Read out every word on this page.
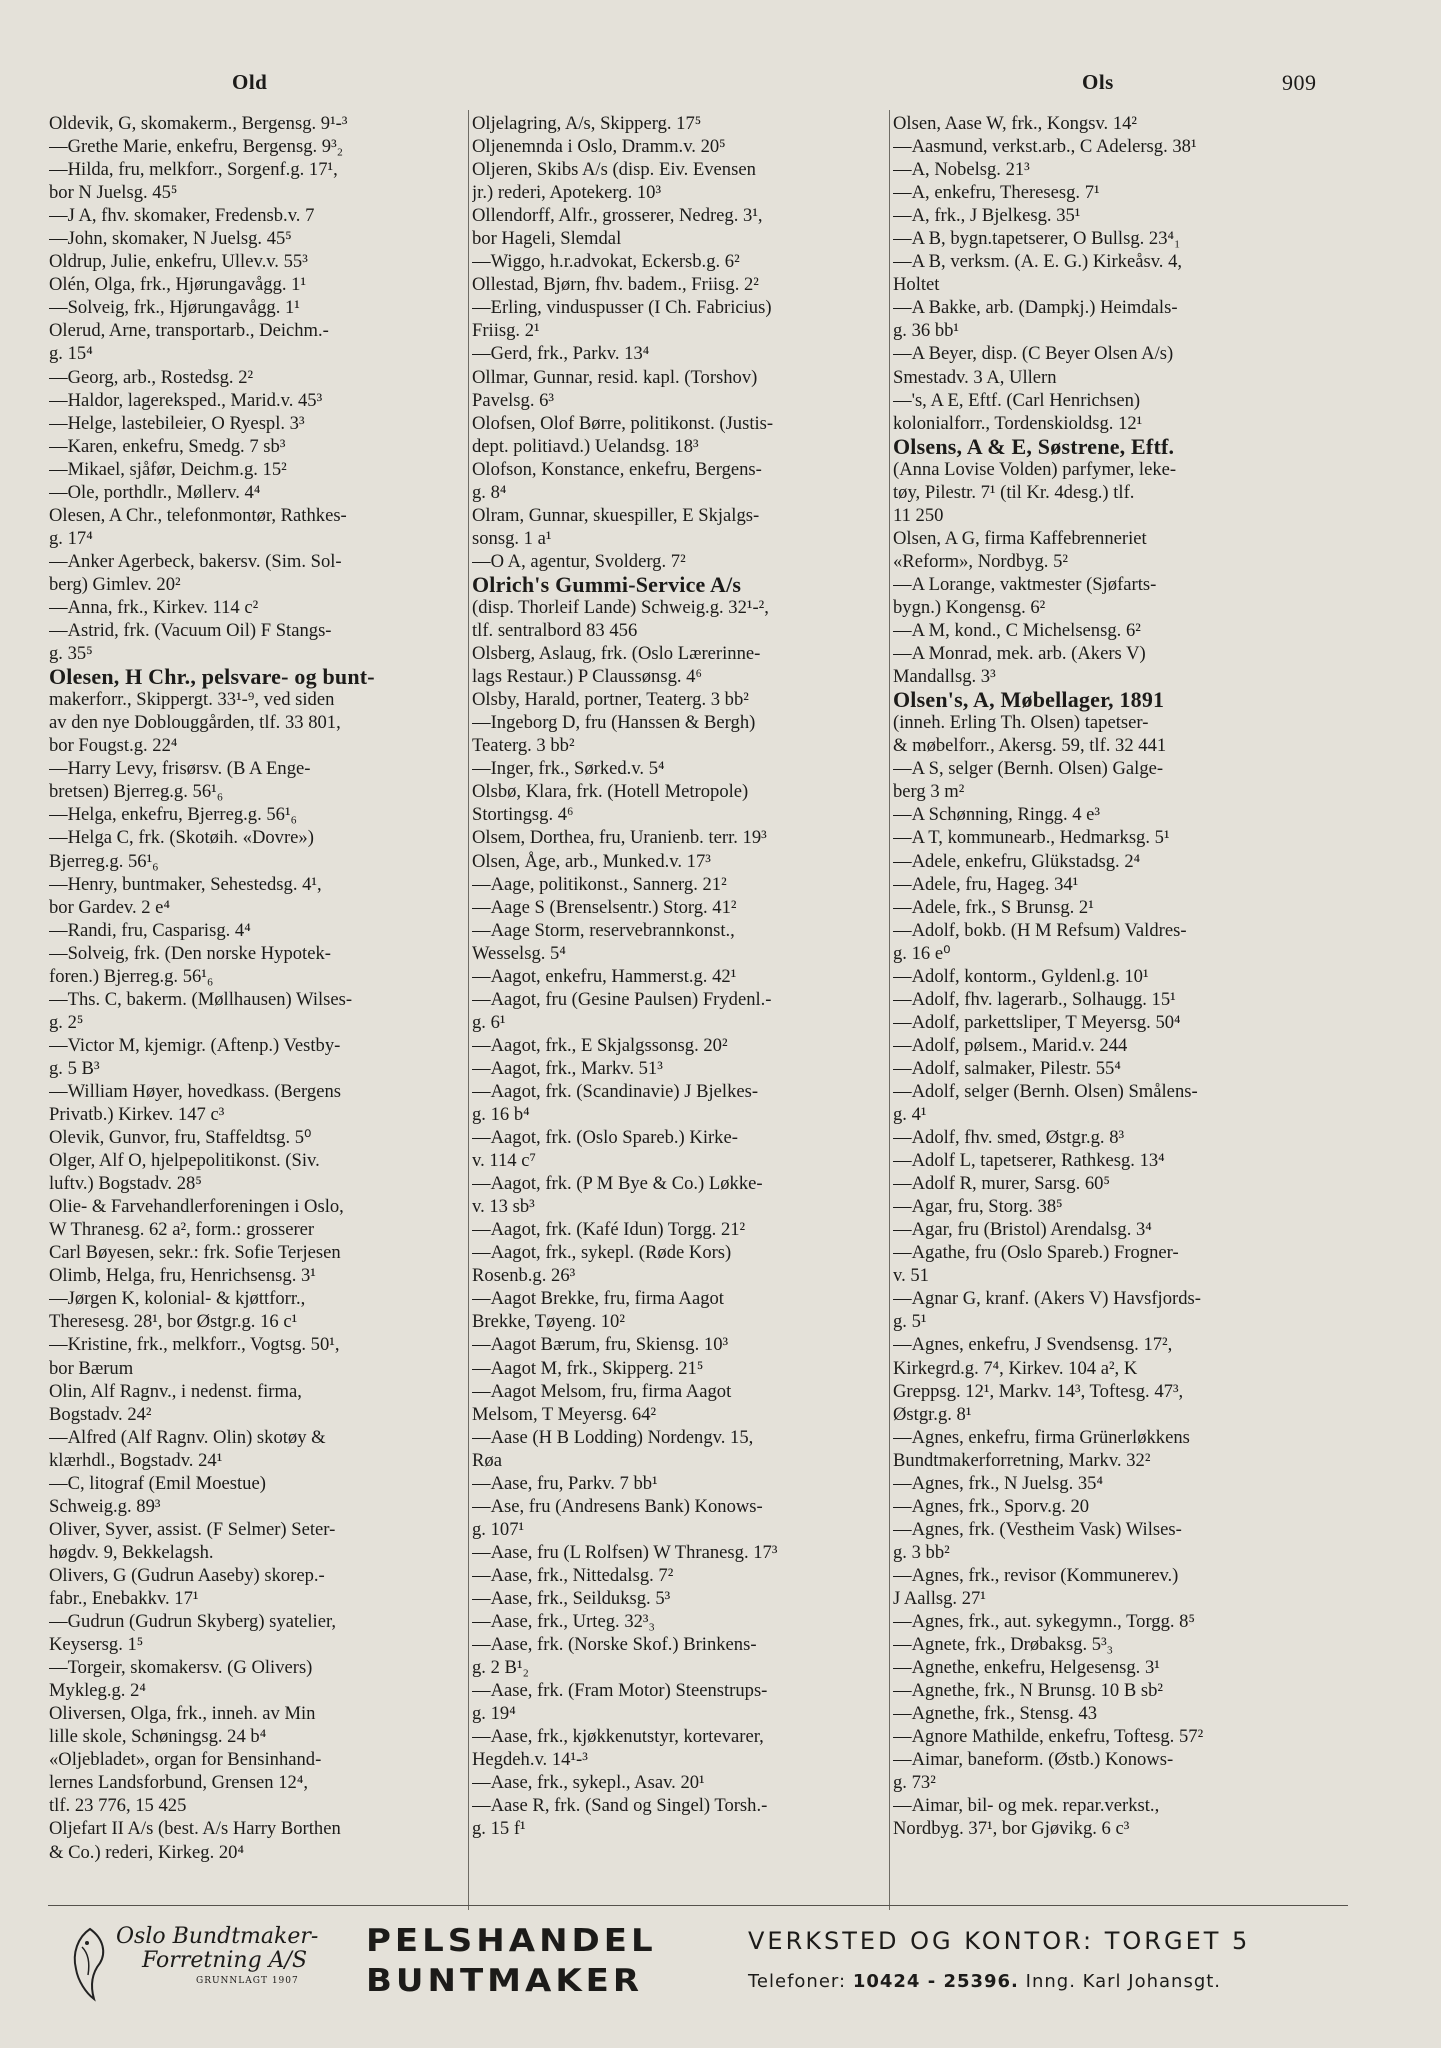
Old	Ols	909
Oldevik, G, skomakerm., Bergensg. 9¹-³
—Grethe Marie, enkefru, Bergensg. 9³₂
—Hilda, fru, melkforr., Sorgenf.g. 17¹,
bor N Juelsg. 45⁵
—J A, fhv. skomaker, Fredensb.v. 7
—John, skomaker, N Juelsg. 45⁵
Oldrup, Julie, enkefru, Ullev.v. 55³
Olén, Olga, frk., Hjørungavågg. 1¹
—Solveig, frk., Hjørungavågg. 1¹
Olerud, Arne, transportarb., Deichm.-
g. 15⁴
—Georg, arb., Rostedsg. 2²
—Haldor, lagereksped., Marid.v. 45³
—Helge, lastebileier, O Ryespl. 3³
—Karen, enkefru, Smedg. 7 sb³
—Mikael, sjåfør, Deichm.g. 15²
—Ole, porthdlr., Møllerv. 4⁴
Olesen, A Chr., telefonmontør, Rathkes-
g. 17⁴
—Anker Agerbeck, bakersv. (Sim. Sol-
berg) Gimlev. 20²
—Anna, frk., Kirkev. 114 c²
—Astrid, frk. (Vacuum Oil) F Stangs-
g. 35⁵
Olesen, H Chr., pelsvare- og bunt-
makerforr., Skippergt. 33¹-⁹, ved siden
av den nye Doblouggården, tlf. 33 801,
bor Fougst.g. 22⁴
—Harry Levy, frisørsv. (B A Enge-
bretsen) Bjerreg.g. 56¹₆
—Helga, enkefru, Bjerreg.g. 56¹₆
—Helga C, frk. (Skotøih. «Dovre»)
Bjerreg.g. 56¹₆
—Henry, buntmaker, Sehestedsg. 4¹,
bor Gardev. 2 e⁴
—Randi, fru, Casparisg. 4⁴
—Solveig, frk. (Den norske Hypotek-
foren.) Bjerreg.g. 56¹₆
—Ths. C, bakerm. (Møllhausen) Wilses-
g. 2⁵
—Victor M, kjemigr. (Aftenp.) Vestby-
g. 5 B³
—William Høyer, hovedkass. (Bergens
Privatb.) Kirkev. 147 c³
Olevik, Gunvor, fru, Staffeldtsg. 5⁰
Olger, Alf O, hjelpepolitikonst. (Siv.
luftv.) Bogstadv. 28⁵
Olie- & Farvehandlerforeningen i Oslo,
W Thranesg. 62 a², form.: grosserer
Carl Bøyesen, sekr.: frk. Sofie Terjesen
Olimb, Helga, fru, Henrichsensg. 3¹
—Jørgen K, kolonial- & kjøttforr.,
Theresesg. 28¹, bor Østgr.g. 16 c¹
—Kristine, frk., melkforr., Vogtsg. 50¹,
bor Bærum
Olin, Alf Ragnv., i nedenst. firma,
Bogstadv. 24²
—Alfred (Alf Ragnv. Olin) skotøy &
klærhdl., Bogstadv. 24¹
—C, litograf (Emil Moestue)
Schweig.g. 89³
Oliver, Syver, assist. (F Selmer) Seter-
høgdv. 9, Bekkelagsh.
Olivers, G (Gudrun Aaseby) skorep.-
fabr., Enebakkv. 17¹
—Gudrun (Gudrun Skyberg) syatelier,
Keysersg. 1⁵
—Torgeir, skomakersv. (G Olivers)
Mykleg.g. 2⁴
Oliversen, Olga, frk., inneh. av Min
lille skole, Schøningsg. 24 b⁴
«Oljebladet», organ for Bensinhand-
lernes Landsforbund, Grensen 12⁴,
tlf. 23 776, 15 425
Oljefart II A/s (best. A/s Harry Borthen
& Co.) rederi, Kirkeg. 20⁴
Oljelagring, A/s, Skipperg. 17⁵
Oljenemnda i Oslo, Dramm.v. 20⁵
Oljeren, Skibs A/s (disp. Eiv. Evensen
jr.) rederi, Apotekerg. 10³
Ollendorff, Alfr., grosserer, Nedreg. 3¹,
bor Hageli, Slemdal
—Wiggo, h.r.advokat, Eckersb.g. 6²
Ollestad, Bjørn, fhv. badem., Friisg. 2²
—Erling, vinduspusser (I Ch. Fabricius)
Friisg. 2¹
—Gerd, frk., Parkv. 13⁴
Ollmar, Gunnar, resid. kapl. (Torshov)
Pavelsg. 6³
Olofsen, Olof Børre, politikonst. (Justis-
dept. politiavd.) Uelandsg. 18³
Olofson, Konstance, enkefru, Bergens-
g. 8⁴
Olram, Gunnar, skuespiller, E Skjalgs-
sonsg. 1 a¹
—O A, agentur, Svolderg. 7²
Olrich's Gummi-Service A/s
(disp. Thorleif Lande) Schweig.g. 32¹-²,
tlf. sentralbord 83 456
Olsberg, Aslaug, frk. (Oslo Lærerinne-
lags Restaur.) P Claussønsg. 4⁶
Olsby, Harald, portner, Teaterg. 3 bb²
—Ingeborg D, fru (Hanssen & Bergh)
Teaterg. 3 bb²
—Inger, frk., Sørked.v. 5⁴
Olsbø, Klara, frk. (Hotell Metropole)
Stortingsg. 4⁶
Olsem, Dorthea, fru, Uranienb. terr. 19³
Olsen, Åge, arb., Munked.v. 17³
—Aage, politikonst., Sannerg. 21²
—Aage S (Brenselsentr.) Storg. 41²
—Aage Storm, reservebrannkonst.,
Wesselsg. 5⁴
—Aagot, enkefru, Hammerst.g. 42¹
—Aagot, fru (Gesine Paulsen) Frydenl.-
g. 6¹
—Aagot, frk., E Skjalgssonsg. 20²
—Aagot, frk., Markv. 51³
—Aagot, frk. (Scandinavie) J Bjelkes-
g. 16 b⁴
—Aagot, frk. (Oslo Spareb.) Kirke-
v. 114 c⁷
—Aagot, frk. (P M Bye & Co.) Løkke-
v. 13 sb³
—Aagot, frk. (Kafé Idun) Torgg. 21²
—Aagot, frk., sykepl. (Røde Kors)
Rosenb.g. 26³
—Aagot Brekke, fru, firma Aagot
Brekke, Tøyeng. 10²
—Aagot Bærum, fru, Skiensg. 10³
—Aagot M, frk., Skipperg. 21⁵
—Aagot Melsom, fru, firma Aagot
Melsom, T Meyersg. 64²
—Aase (H B Lodding) Nordengv. 15,
Røa
—Aase, fru, Parkv. 7 bb¹
—Ase, fru (Andresens Bank) Konows-
g. 107¹
—Aase, fru (L Rolfsen) W Thranesg. 17³
—Aase, frk., Nittedalsg. 7²
—Aase, frk., Seilduksg. 5³
—Aase, frk., Urteg. 32³₃
—Aase, frk. (Norske Skof.) Brinkens-
g. 2 B¹₂
—Aase, frk. (Fram Motor) Steenstrups-
g. 19⁴
—Aase, frk., kjøkkenutstyr, kortevarer,
Hegdeh.v. 14¹-³
—Aase, frk., sykepl., Asav. 20¹
—Aase R, frk. (Sand og Singel) Torsh.-
g. 15 f¹
Olsen, Aase W, frk., Kongsv. 14²
—Aasmund, verkst.arb., C Adelersg. 38¹
—A, Nobelsg. 21³
—A, enkefru, Theresesg. 7¹
—A, frk., J Bjelkesg. 35¹
—A B, bygn.tapetserer, O Bullsg. 23⁴₁
—A B, verksm. (A. E. G.) Kirkeåsv. 4,
Holtet
—A Bakke, arb. (Dampkj.) Heimdals-
g. 36 bb¹
—A Beyer, disp. (C Beyer Olsen A/s)
Smestadv. 3 A, Ullern
—'s, A E, Eftf. (Carl Henrichsen)
kolonialforr., Tordenskioldsg. 12¹
Olsens, A & E, Søstrene, Eftf.
(Anna Lovise Volden) parfymer, leke-
tøy, Pilestr. 7¹ (til Kr. 4desg.) tlf.
11 250
Olsen, A G, firma Kaffebrenneriet
«Reform», Nordbyg. 5²
—A Lorange, vaktmester (Sjøfarts-
bygn.) Kongensg. 6²
—A M, kond., C Michelsensg. 6²
—A Monrad, mek. arb. (Akers V)
Mandallsg. 3³
Olsen's, A, Møbellager, 1891
(inneh. Erling Th. Olsen) tapetser-
& møbelforr., Akersg. 59, tlf. 32 441
—A S, selger (Bernh. Olsen) Galge-
berg 3 m²
—A Schønning, Ringg. 4 e³
—A T, kommunearb., Hedmarksg. 5¹
—Adele, enkefru, Glükstadsg. 2⁴
—Adele, fru, Hageg. 34¹
—Adele, frk., S Brunsg. 2¹
—Adolf, bokb. (H M Refsum) Valdres-
g. 16 e⁰
—Adolf, kontorm., Gyldenl.g. 10¹
—Adolf, fhv. lagerarb., Solhaugg. 15¹
—Adolf, parkettsliper, T Meyersg. 50⁴
—Adolf, pølsem., Marid.v. 244
—Adolf, salmaker, Pilestr. 55⁴
—Adolf, selger (Bernh. Olsen) Smålens-
g. 4¹
—Adolf, fhv. smed, Østgr.g. 8³
—Adolf L, tapetserer, Rathkesg. 13⁴
—Adolf R, murer, Sarsg. 60⁵
—Agar, fru, Storg. 38⁵
—Agar, fru (Bristol) Arendalsg. 3⁴
—Agathe, fru (Oslo Spareb.) Frogner-
v. 51
—Agnar G, kranf. (Akers V) Havsfjords-
g. 5¹
—Agnes, enkefru, J Svendsensg. 17²,
Kirkegrd.g. 7⁴, Kirkev. 104 a², K
Greppsg. 12¹, Markv. 14³, Toftesg. 47³,
Østgr.g. 8¹
—Agnes, enkefru, firma Grünerløkkens
Bundtmakerforretning, Markv. 32²
—Agnes, frk., N Juelsg. 35⁴
—Agnes, frk., Sporv.g. 20
—Agnes, frk. (Vestheim Vask) Wilses-
g. 3 bb²
—Agnes, frk., revisor (Kommunerev.)
J Aallsg. 27¹
—Agnes, frk., aut. sykegymn., Torgg. 8⁵
—Agnete, frk., Drøbaksg. 5³₃
—Agnethe, enkefru, Helgesensg. 3¹
—Agnethe, frk., N Brunsg. 10 B sb²
—Agnethe, frk., Stensg. 43
—Agnore Mathilde, enkefru, Toftesg. 57²
—Aimar, baneform. (Østb.) Konows-
g. 73²
—Aimar, bil- og mek. repar.verkst.,
Nordbyg. 37¹, bor Gjøvikg. 6 c³
Oslo Bundtmaker-
Forretning A/S
GRUNNLAGT 1907
PELSHANDEL
BUNTMAKER
VERKSTED OG KONTOR: TORGET 5
Telefoner: 10424 - 25396. Inng. Karl Johansgt.
